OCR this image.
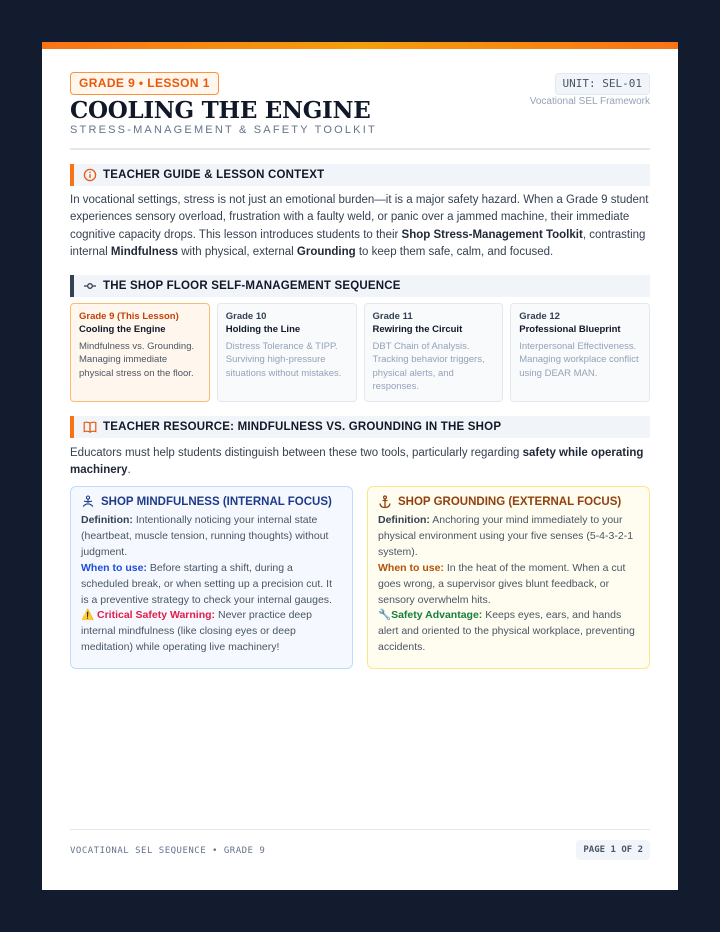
GRADE 9 • LESSON 1
COOLING THE ENGINE
STRESS-MANAGEMENT & SAFETY TOOLKIT
UNIT: SEL-01
Vocational SEL Framework
TEACHER GUIDE & LESSON CONTEXT

In vocational settings, stress is not just an emotional burden—it is a major safety hazard. When a Grade 9 student experiences sensory overload, frustration with a faulty weld, or panic over a jammed machine, their immediate cognitive capacity drops. This lesson introduces students to their Shop Stress-Management Toolkit, contrasting internal Mindfulness with physical, external Grounding to keep them safe, calm, and focused.

THE SHOP FLOOR SELF-MANAGEMENT SEQUENCE
Grade 9 (This Lesson)
Cooling the Engine
Mindfulness vs. Grounding. Managing immediate physical stress on the floor.
Grade 10
Holding the Line
Distress Tolerance & TIPP. Surviving high-pressure situations without mistakes.
Grade 11
Rewiring the Circuit
DBT Chain of Analysis. Tracking behavior triggers, physical alerts, and responses.
Grade 12
Professional Blueprint
Interpersonal Effectiveness. Managing workplace conflict using DEAR MAN.
TEACHER RESOURCE: MINDFULNESS VS. GROUNDING IN THE SHOP

Educators must help students distinguish between these two tools, particularly regarding safety while operating machinery.

SHOP MINDFULNESS (INTERNAL FOCUS)

Definition: Intentionally noticing your internal state (heartbeat, muscle tension, running thoughts) without judgment.

When to use: Before starting a shift, during a scheduled break, or when setting up a precision cut. It is a preventive strategy to check your internal gauges.

⚠️ Critical Safety Warning: Never practice deep internal mindfulness (like closing eyes or deep meditation) while operating live machinery!

SHOP GROUNDING (EXTERNAL FOCUS)

Definition: Anchoring your mind immediately to your physical environment using your five senses (5-4-3-2-1 system).

When to use: In the heat of the moment. When a cut goes wrong, a supervisor gives blunt feedback, or sensory overwhelm hits.

🔧Safety Advantage: Keeps eyes, ears, and hands alert and oriented to the physical workplace, preventing accidents.

VOCATIONAL SEL SEQUENCE • GRADE 9	PAGE 1 OF 2
